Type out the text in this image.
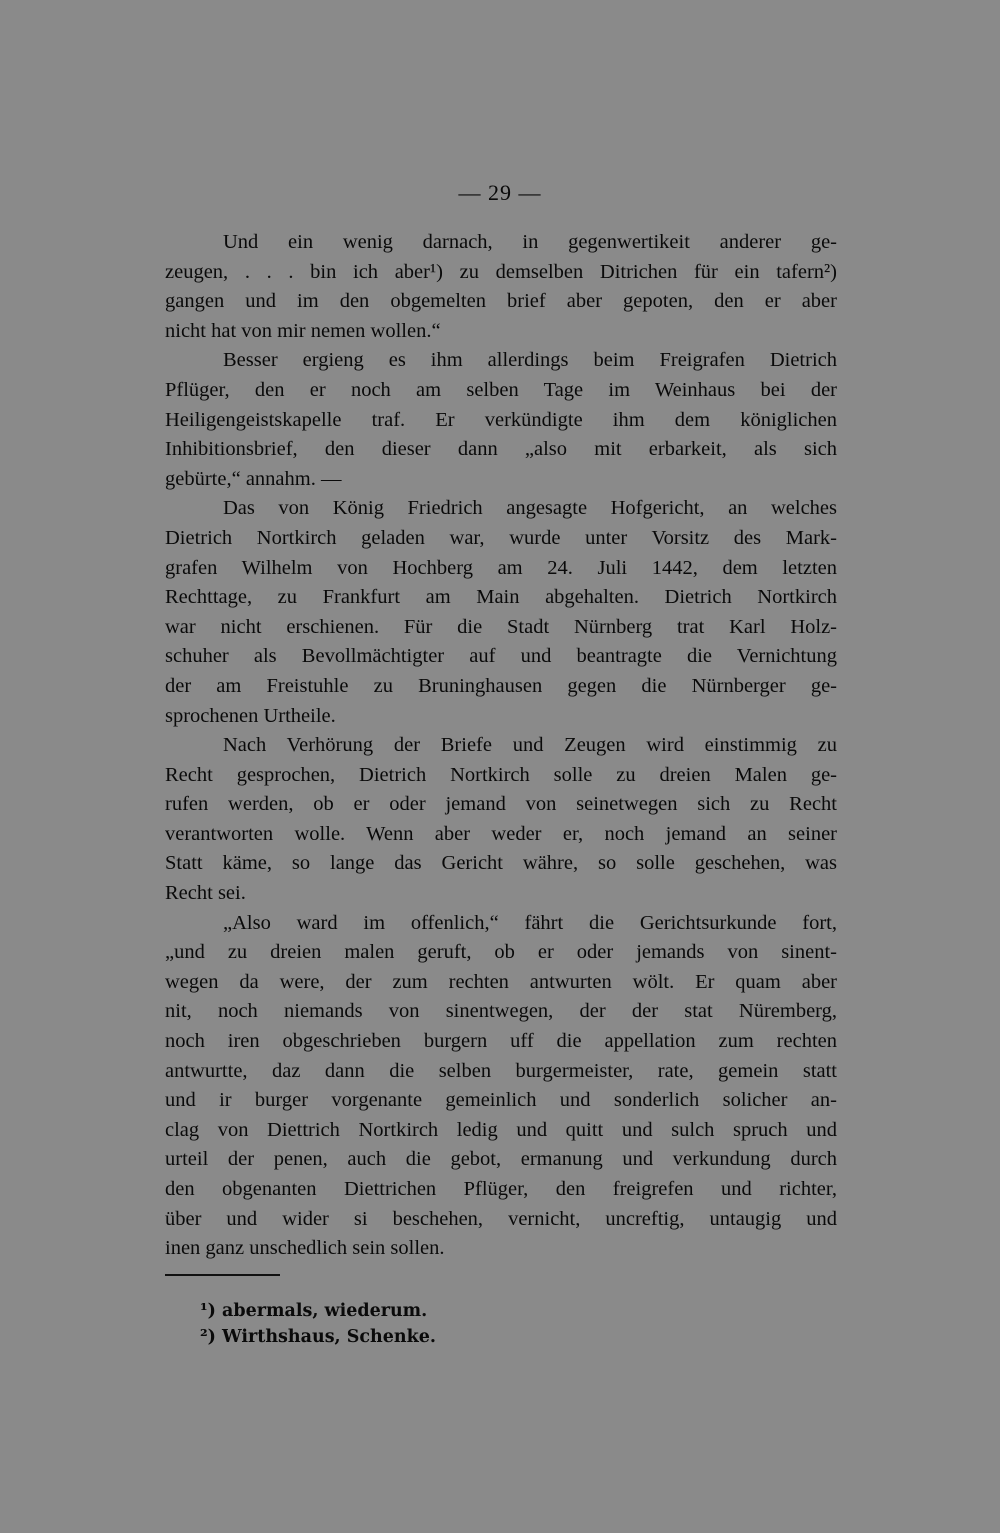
— 29 —
Und ein wenig darnach, in gegenwertikeit anderer ge-
zeugen, . . . bin ich aber¹) zu demselben Ditrichen für ein tafern²)
gangen und im den obgemelten brief aber gepoten, den er aber
nicht hat von mir nemen wollen.“
Besser ergieng es ihm allerdings beim Freigrafen Dietrich
Pflüger, den er noch am selben Tage im Weinhaus bei der
Heiligengeistskapelle traf. Er verkündigte ihm dem königlichen
Inhibitionsbrief, den dieser dann „also mit erbarkeit, als sich
gebürte,“ annahm. —
Das von König Friedrich angesagte Hofgericht, an welches
Dietrich Nortkirch geladen war, wurde unter Vorsitz des Mark-
grafen Wilhelm von Hochberg am 24. Juli 1442, dem letzten
Rechttage, zu Frankfurt am Main abgehalten. Dietrich Nortkirch
war nicht erschienen. Für die Stadt Nürnberg trat Karl Holz-
schuher als Bevollmächtigter auf und beantragte die Vernichtung
der am Freistuhle zu Bruninghausen gegen die Nürnberger ge-
sprochenen Urtheile.
Nach Verhörung der Briefe und Zeugen wird einstimmig zu
Recht gesprochen, Dietrich Nortkirch solle zu dreien Malen ge-
rufen werden, ob er oder jemand von seinetwegen sich zu Recht
verantworten wolle. Wenn aber weder er, noch jemand an seiner
Statt käme, so lange das Gericht währe, so solle geschehen, was
Recht sei.
„Also ward im offenlich,“ fährt die Gerichtsurkunde fort,
„und zu dreien malen geruft, ob er oder jemands von sinent-
wegen da were, der zum rechten antwurten wölt. Er quam aber
nit, noch niemands von sinentwegen, der der stat Nüremberg,
noch iren obgeschrieben burgern uff die appellation zum rechten
antwurtte, daz dann die selben burgermeister, rate, gemein statt
und ir burger vorgenante gemeinlich und sonderlich solicher an-
clag von Diettrich Nortkirch ledig und quitt und sulch spruch und
urteil der penen, auch die gebot, ermanung und verkundung durch
den obgenanten Diettrichen Pflüger, den freigrefen und richter,
über und wider si beschehen, vernicht, uncreftig, untaugig und
inen ganz unschedlich sein sollen.
¹) abermals, wiederum.
²) Wirthshaus, Schenke.
